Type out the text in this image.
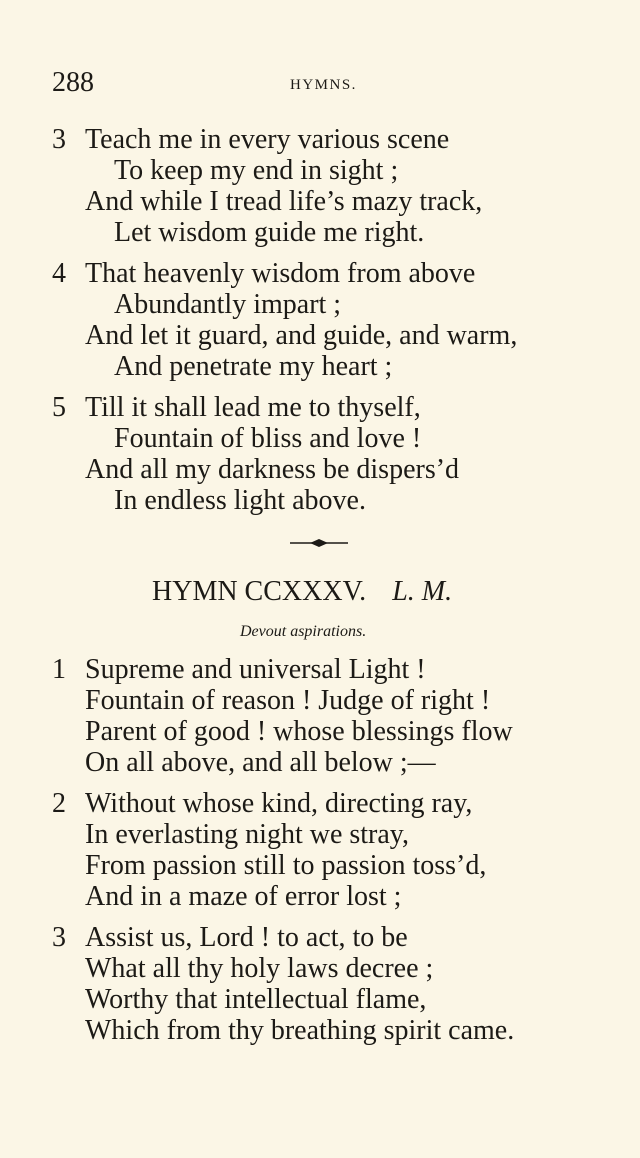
288	HYMNS.
3 Teach me in every various scene
To keep my end in sight ;
And while I tread life’s mazy track,
Let wisdom guide me right.
4 That heavenly wisdom from above
Abundantly impart ;
And let it guard, and guide, and warm,
And penetrate my heart ;
5 Till it shall lead me to thyself,
Fountain of bliss and love !
And all my darkness be dispers’d
In endless light above.
HYMN CCXXXV. L. M.
Devout aspirations.
1 Supreme and universal Light !
Fountain of reason ! Judge of right !
Parent of good ! whose blessings flow
On all above, and all below ;—
2 Without whose kind, directing ray,
In everlasting night we stray,
From passion still to passion toss’d,
And in a maze of error lost ;
3 Assist us, Lord ! to act, to be
What all thy holy laws decree ;
Worthy that intellectual flame,
Which from thy breathing spirit came.
